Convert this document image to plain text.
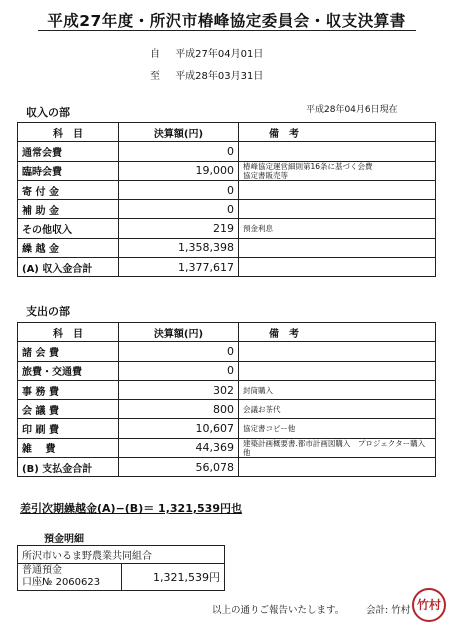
平成27年度・所沢市椿峰協定委員会・収支決算書
自 平成27年04月01日
至 平成28年03月31日
収入の部	平成28年04月6日現在
科　目	決算額(円)	備　考
通常会費	0	
臨時会費	19,000	椿峰協定運営細則第16条に基づく会費
協定書販売等
寄 付 金	0	
補 助 金	0	
その他収入	219	預金利息
繰 越 金	1,358,398	
(A) 収入金合計	1,377,617	
支出の部
科　目	決算額(円)	備　考
諸 会 費	0	
旅費・交通費	0	
事 務 費	302	封筒購入
会 議 費	800	会議お茶代
印 刷 費	10,607	協定書コピー他
雑　 費	44,369	建築計画概要書.都市計画図購入　プロジェクター購入他
(B) 支払金合計	56,078	
差引次期繰越金(A)−(B)＝ 1,321,539円也
預金明細
所沢市いるま野農業共同組合

普通預金
口座№ 2060623	1,321,539円
以上の通りご報告いたします。 会計: 竹村 竹村
